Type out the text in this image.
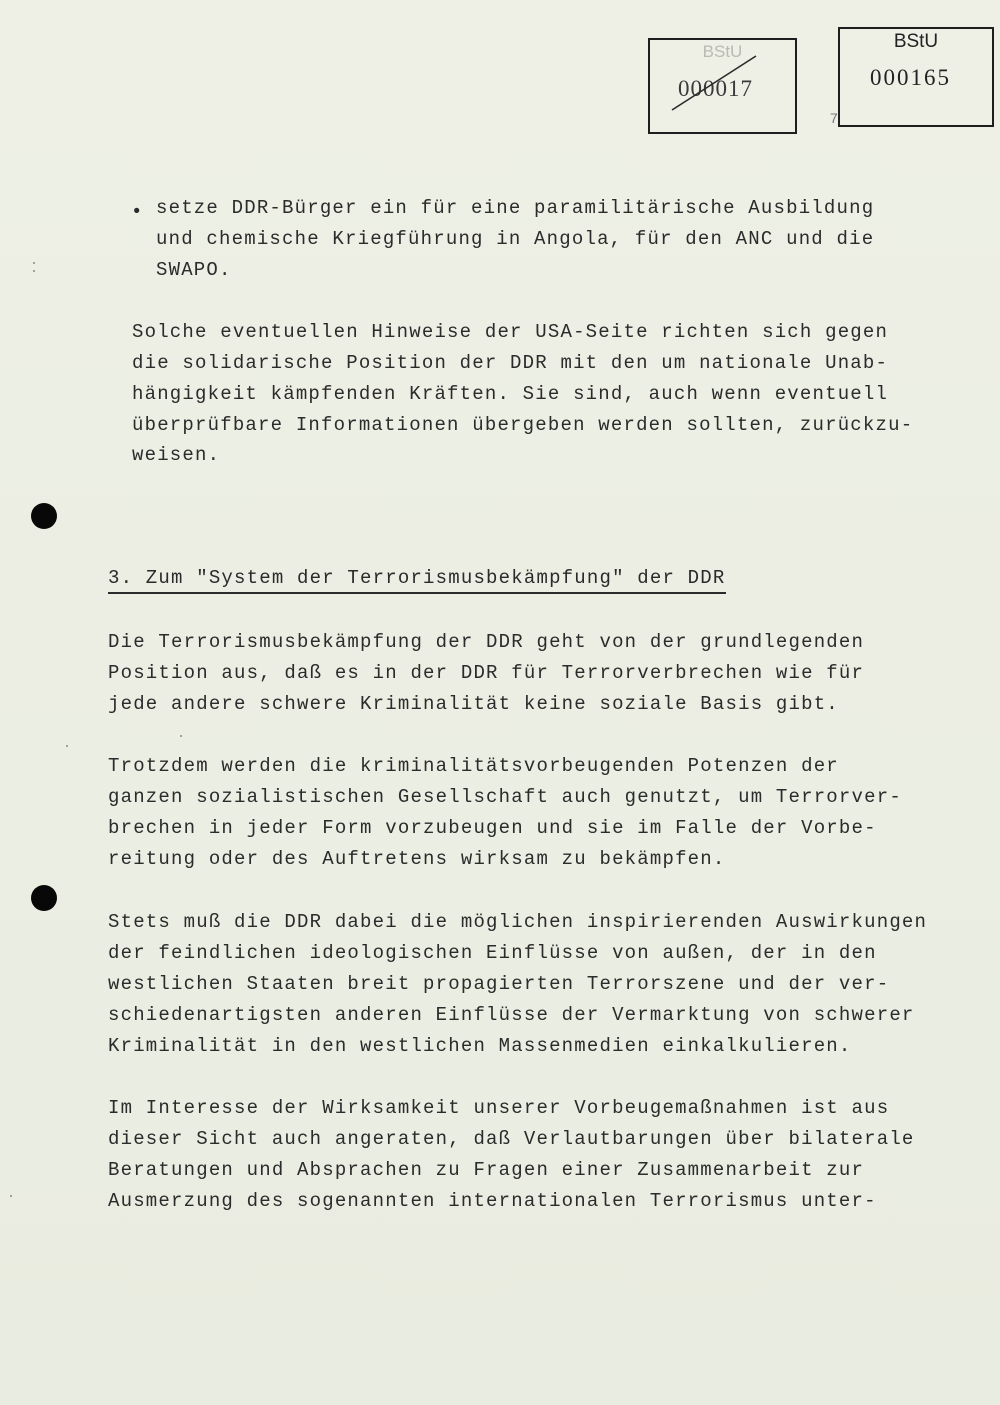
BStU
000017
BStU
000165
7
• setze DDR-Bürger ein für eine paramilitärische Ausbildung
und chemische Kriegführung in Angola, für den ANC und die
SWAPO.
Solche eventuellen Hinweise der USA-Seite richten sich gegen
die solidarische Position der DDR mit den um nationale Unab-
hängigkeit kämpfenden Kräften. Sie sind, auch wenn eventuell
überprüfbare Informationen übergeben werden sollten, zurückzu-
weisen.
3. Zum "System der Terrorismusbekämpfung" der DDR
Die Terrorismusbekämpfung der DDR geht von der grundlegenden
Position aus, daß es in der DDR für Terrorverbrechen wie für
jede andere schwere Kriminalität keine soziale Basis gibt.
Trotzdem werden die kriminalitätsvorbeugenden Potenzen der
ganzen sozialistischen Gesellschaft auch genutzt, um Terrorver-
brechen in jeder Form vorzubeugen und sie im Falle der Vorbe-
reitung oder des Auftretens wirksam zu bekämpfen.
Stets muß die DDR dabei die möglichen inspirierenden Auswirkungen
der feindlichen ideologischen Einflüsse von außen, der in den
westlichen Staaten breit propagierten Terrorszene und der ver-
schiedenartigsten anderen Einflüsse der Vermarktung von schwerer
Kriminalität in den westlichen Massenmedien einkalkulieren.
Im Interesse der Wirksamkeit unserer Vorbeugemaßnahmen ist aus
dieser Sicht auch angeraten, daß Verlautbarungen über bilaterale
Beratungen und Absprachen zu Fragen einer Zusammenarbeit zur
Ausmerzung des sogenannten internationalen Terrorismus unter-
